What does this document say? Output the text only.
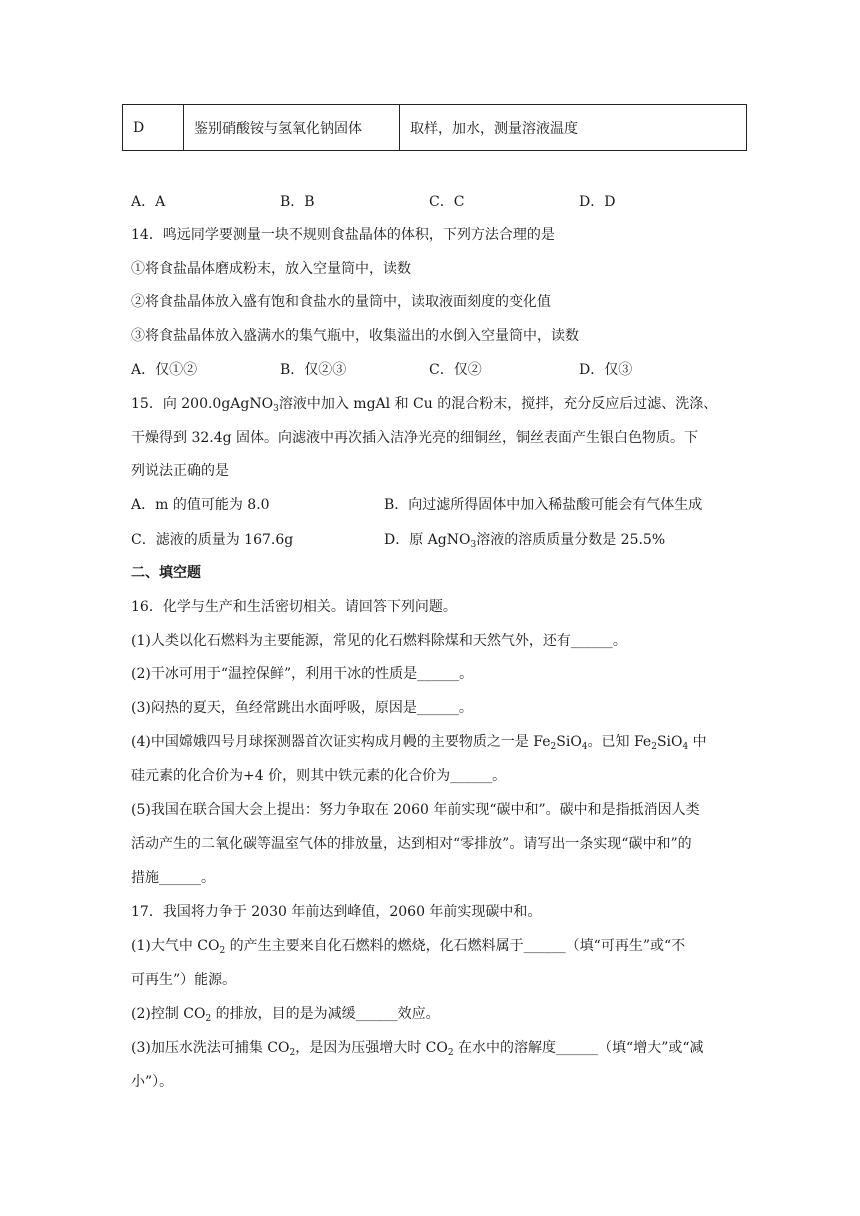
D	鉴别硝酸铵与氢氧化钠固体	取样，加水，测量溶液温度
A．A	B．B	C．C	D．D
14．鸣远同学要测量一块不规则食盐晶体的体积，下列方法合理的是
①将食盐晶体磨成粉末，放入空量筒中，读数
②将食盐晶体放入盛有饱和食盐水的量筒中，读取液面刻度的变化值
③将食盐晶体放入盛满水的集气瓶中，收集溢出的水倒入空量筒中，读数
A．仅①②	B．仅②③	C．仅②	D．仅③
15．向 200.0gAgNO$_3$溶液中加入 mgAl 和 Cu 的混合粉末，搅拌，充分反应后过滤、洗涤、
干燥得到 32.4g 固体。向滤液中再次插入洁净光亮的细铜丝，铜丝表面产生银白色物质。下
列说法正确的是
A．m 的值可能为 8.0	B．向过滤所得固体中加入稀盐酸可能会有气体生成
C．滤液的质量为 167.6g	D．原 AgNO$_3$溶液的溶质质量分数是 25.5%
二、填空题
16．化学与生产和生活密切相关。请回答下列问题。
(1)人类以化石燃料为主要能源，常见的化石燃料除煤和天然气外，还有______。
(2)干冰可用于“温控保鲜”，利用干冰的性质是______。
(3)闷热的夏天，鱼经常跳出水面呼吸，原因是______。
(4)中国嫦娥四号月球探测器首次证实构成月幔的主要物质之一是 $Fe_2SiO_4$。已知 $Fe_2SiO_4$ 中
硅元素的化合价为+4 价，则其中铁元素的化合价为______。
(5)我国在联合国大会上提出：努力争取在 2060 年前实现“碳中和”。碳中和是指抵消因人类
活动产生的二氧化碳等温室气体的排放量，达到相对“零排放”。请写出一条实现“碳中和”的
措施______。
17．我国将力争于 2030 年前达到峰值，2060 年前实现碳中和。
(1)大气中 $CO_2$ 的产生主要来自化石燃料的燃烧，化石燃料属于______（填“可再生”或“不
可再生”）能源。
(2)控制 $CO_2$ 的排放，目的是为减缓______效应。
(3)加压水洗法可捕集 $CO_2$，是因为压强增大时 $CO_2$ 在水中的溶解度______（填“增大”或“减
小”）。
